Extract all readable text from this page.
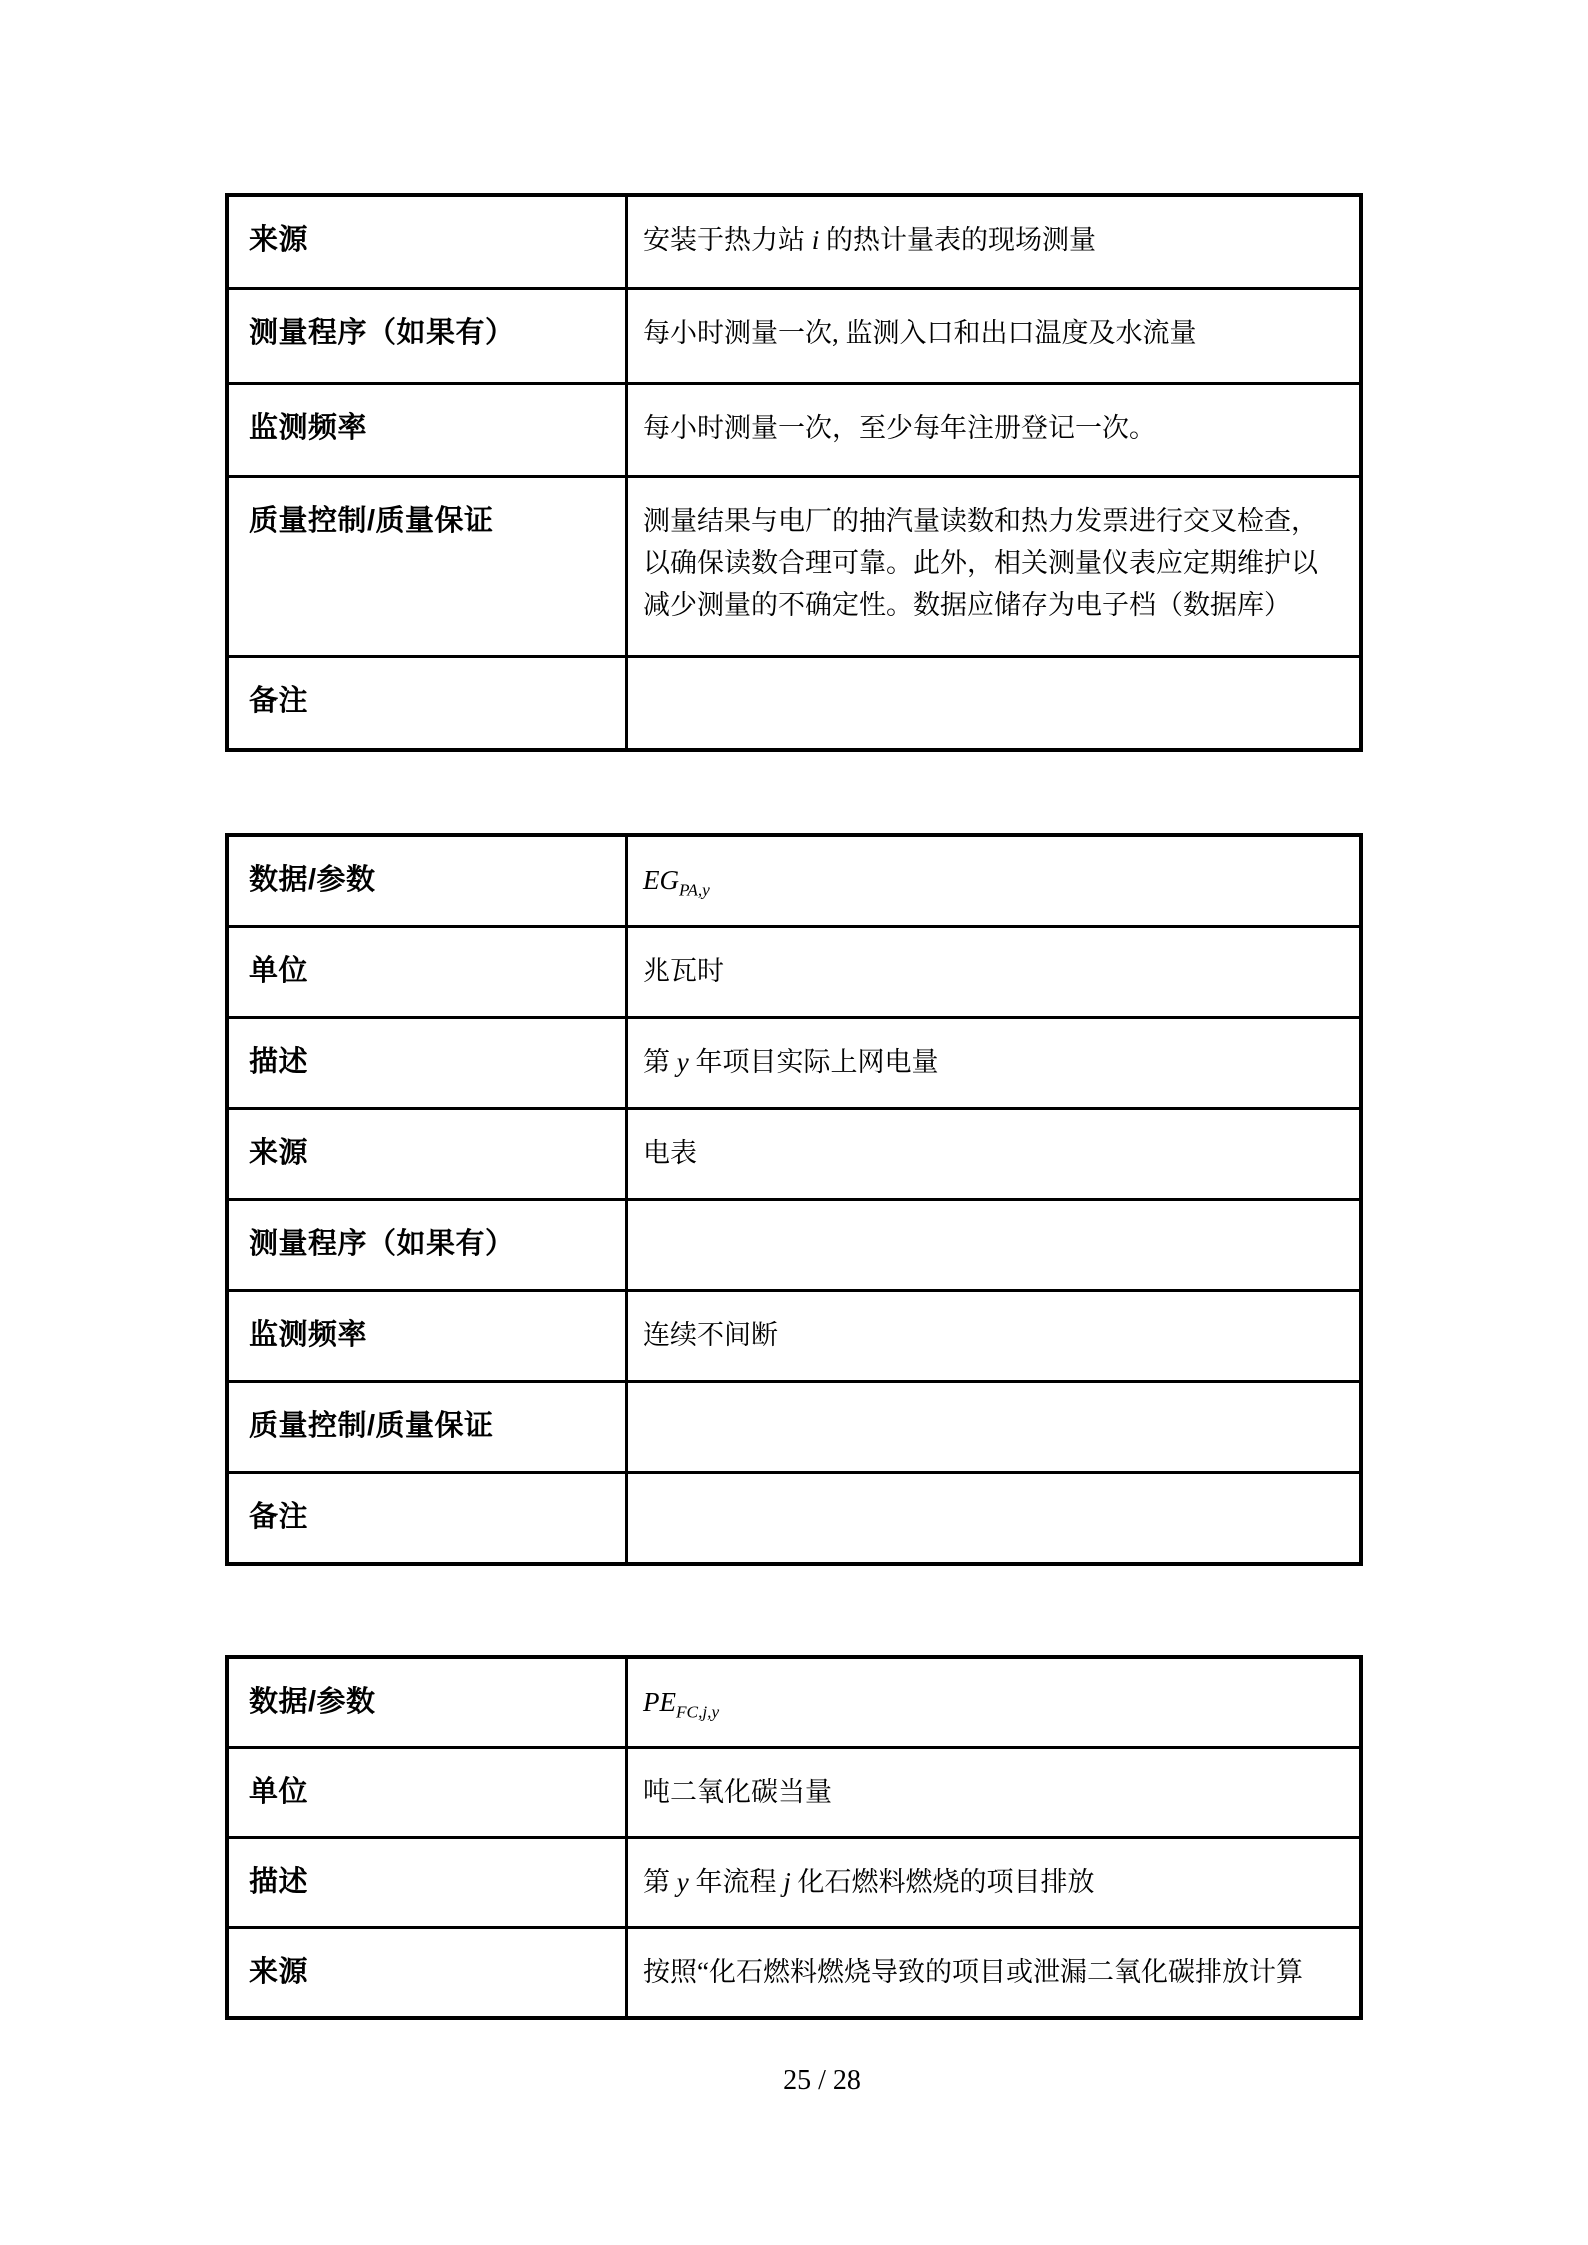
来源	安装于热力站 i 的热计量表的现场测量
测量程序（如果有）	每小时测量一次, 监测入口和出口温度及水流量
监测频率	每小时测量一次，至少每年注册登记一次。
质量控制/质量保证	测量结果与电厂的抽汽量读数和热力发票进行交叉检查，
以确保读数合理可靠。此外，相关测量仪表应定期维护以
减少测量的不确定性。数据应储存为电子档（数据库）
备注
数据/参数	$EG_{PA,y}$
单位	兆瓦时
描述	第 y 年项目实际上网电量
来源	电表
测量程序（如果有）
监测频率	连续不间断
质量控制/质量保证
备注
数据/参数	$PE_{FC,j,y}$
单位	吨二氧化碳当量
描述	第 y 年流程 j 化石燃料燃烧的项目排放
来源	按照“化石燃料燃烧导致的项目或泄漏二氧化碳排放计算
25 / 28
